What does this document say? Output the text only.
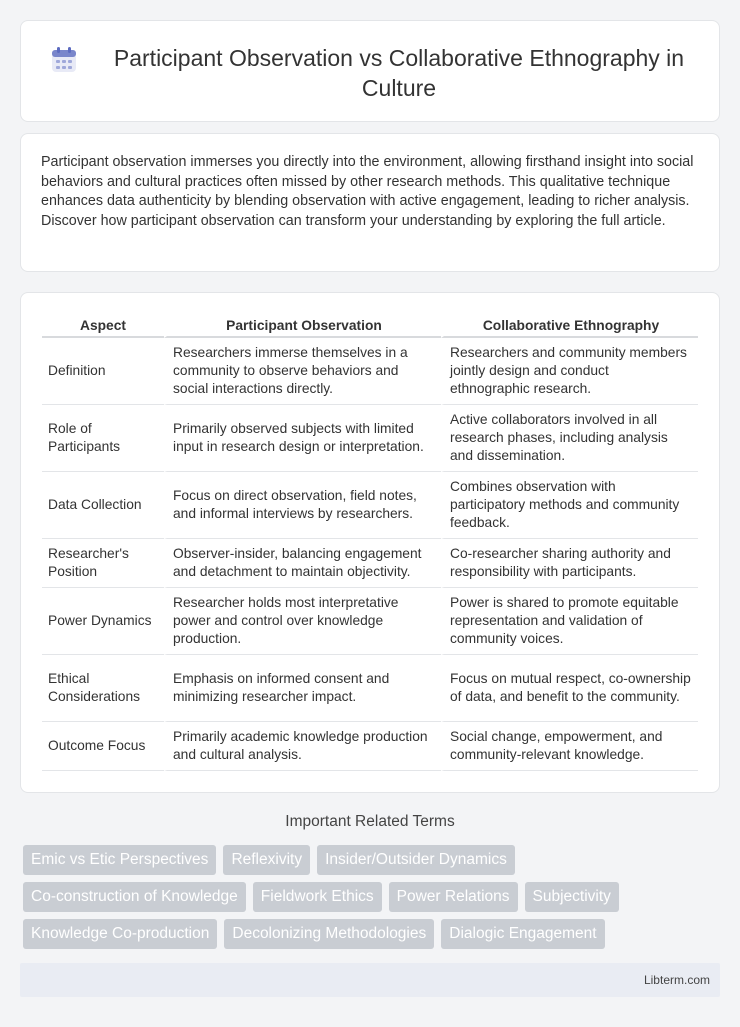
Participant Observation vs Collaborative Ethnography in Culture

Participant observation immerses you directly into the environment, allowing firsthand insight into social behaviors and cultural practices often missed by other research methods. This qualitative technique enhances data authenticity by blending observation with active engagement, leading to richer analysis. Discover how participant observation can transform your understanding by exploring the full article.

Aspect	Participant Observation	Collaborative Ethnography
Definition	Researchers immerse themselves in a community to observe behaviors and social interactions directly.	Researchers and community members jointly design and conduct ethnographic research.
Role of Participants	Primarily observed subjects with limited input in research design or interpretation.	Active collaborators involved in all research phases, including analysis and dissemination.
Data Collection	Focus on direct observation, field notes, and informal interviews by researchers.	Combines observation with participatory methods and community feedback.
Researcher's Position	Observer-insider, balancing engagement and detachment to maintain objectivity.	Co-researcher sharing authority and responsibility with participants.
Power Dynamics	Researcher holds most interpretative power and control over knowledge production.	Power is shared to promote equitable representation and validation of community voices.
Ethical Considerations	Emphasis on informed consent and minimizing researcher impact.	Focus on mutual respect, co-ownership of data, and benefit to the community.
Outcome Focus	Primarily academic knowledge production and cultural analysis.	Social change, empowerment, and community-relevant knowledge.
Important Related Terms
Emic vs Etic Perspectives	Reflexivity	Insider/Outsider Dynamics
Co-construction of Knowledge	Fieldwork Ethics	Power Relations	Subjectivity
Knowledge Co-production	Decolonizing Methodologies	Dialogic Engagement
Libterm.com
